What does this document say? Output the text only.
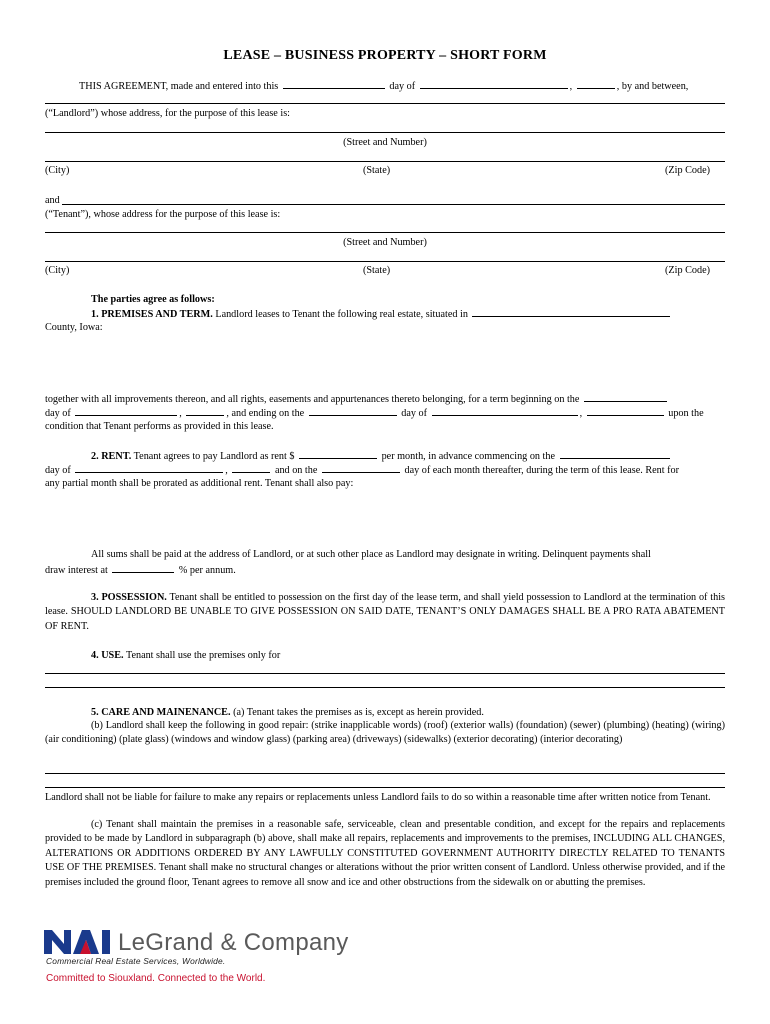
LEASE – BUSINESS PROPERTY – SHORT FORM
THIS AGREEMENT, made and entered into this	day of	,	, by and between,
(“Landlord”) whose address, for the purpose of this lease is:
(Street and Number)
(City)	(State)	(Zip Code)
and
(“Tenant”), whose address for the purpose of this lease is:
(Street and Number)
(City)	(State)	(Zip Code)
The parties agree as follows:
1. PREMISES AND TERM. Landlord leases to Tenant the following real estate, situated in
County, Iowa:
together with all improvements thereon, and all rights, easements and appurtenances thereto belonging, for a term beginning on the
day of	,	, and ending on the	day of	,	upon the
condition that Tenant performs as provided in this lease.
2. RENT. Tenant agrees to pay Landlord as rent $	per month, in advance commencing on the
day of	,	and on the	day of each month thereafter, during the term of this lease. Rent for
any partial month shall be prorated as additional rent. Tenant shall also pay:
All sums shall be paid at the address of Landlord, or at such other place as Landlord may designate in writing. Delinquent payments shall
draw interest at	% per annum.
3. POSSESSION. Tenant shall be entitled to possession on the first day of the lease term, and shall yield possession to Landlord at the termination of this lease. SHOULD LANDLORD BE UNABLE TO GIVE POSSESSION ON SAID DATE, TENANT’S ONLY DAMAGES SHALL BE A PRO RATA ABATEMENT OF RENT.
4. USE. Tenant shall use the premises only for
5. CARE AND MAINENANCE. (a) Tenant takes the premises as is, except as herein provided.
(b) Landlord shall keep the following in good repair: (strike inapplicable words) (roof) (exterior walls) (foundation) (sewer) (plumbing) (heating) (wiring) (air conditioning) (plate glass) (windows and window glass) (parking area) (driveways) (sidewalks) (exterior decorating) (interior decorating)
Landlord shall not be liable for failure to make any repairs or replacements unless Landlord fails to do so within a reasonable time after written notice from Tenant.
(c) Tenant shall maintain the premises in a reasonable safe, serviceable, clean and presentable condition, and except for the repairs and replacements provided to be made by Landlord in subparagraph (b) above, shall make all repairs, replacements and improvements to the premises, INCLUDING ALL CHANGES, ALTERATIONS OR ADDITIONS ORDERED BY ANY LAWFULLY CONSTITUTED GOVERNMENT AUTHORITY DIRECTLY RELATED TO TENANTS USE OF THE PREMISES. Tenant shall make no structural changes or alterations without the prior written consent of Landlord. Unless otherwise provided, and if the premises included the ground floor, Tenant agrees to remove all snow and ice and other obstructions from the sidewalk on or abutting the premises.
NAI
LeGrand & Company
Commercial Real Estate Services, Worldwide.
Committed to Siouxland. Connected to the World.
